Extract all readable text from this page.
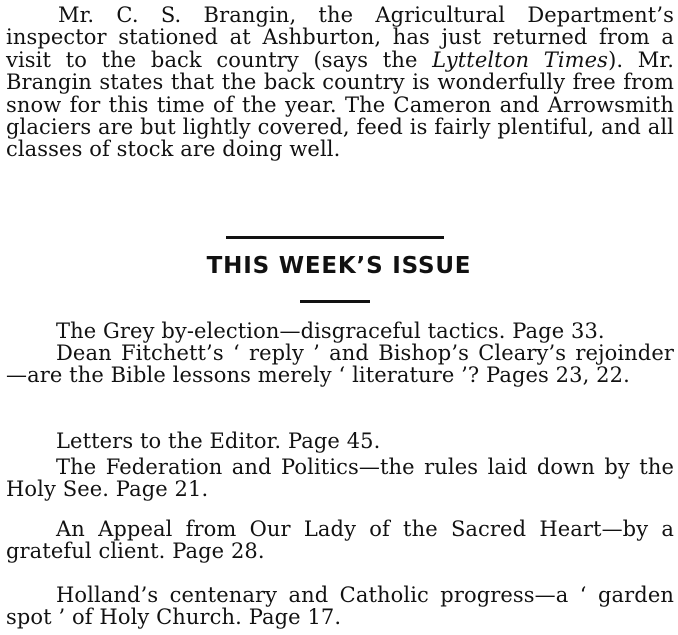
Mr. C. S. Brangin, the Agricultural Department’s inspector stationed at Ashburton, has just returned from a visit to the back country (says the Lyttelton Times). Mr. Brangin states that the back country is wonderfully free from snow for this time of the year. The Cameron and Arrowsmith glaciers are but lightly covered, feed is fairly plentiful, and all classes of stock are doing well.

THIS WEEK’S ISSUE

The Grey by-election—disgraceful tactics. Page 33.

Dean Fitchett’s ‘ reply ’ and Bishop’s Cleary’s rejoinder—are the Bible lessons merely ‘ literature ’? Pages 23, 22.

Letters to the Editor. Page 45.

The Federation and Politics—the rules laid down by the Holy See. Page 21.

An Appeal from Our Lady of the Sacred Heart—by a grateful client. Page 28.

Holland’s centenary and Catholic progress—a ‘ garden spot ’ of Holy Church. Page 17.
